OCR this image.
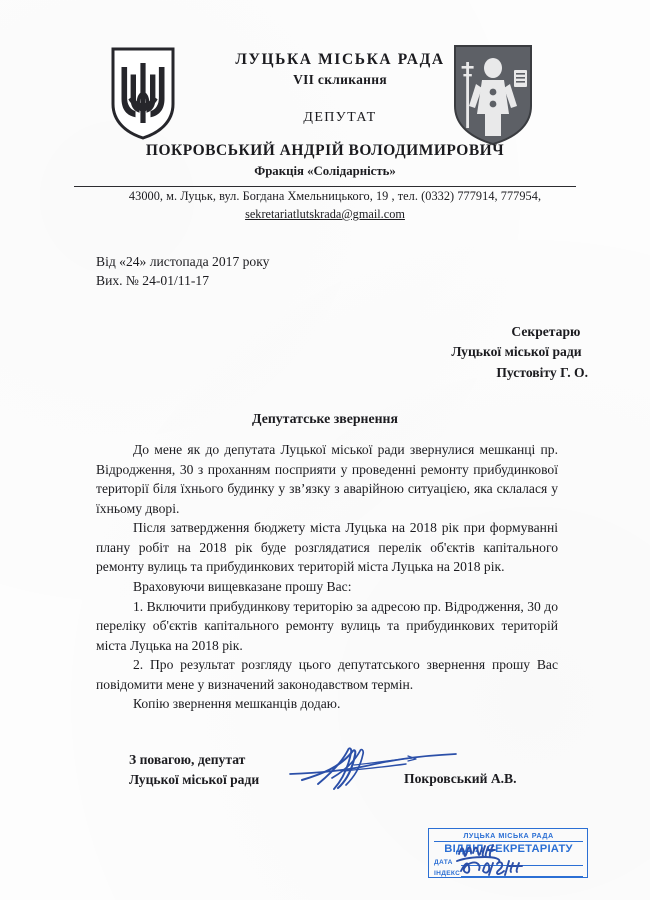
ЛУЦЬКА МІСЬКА РАДА
VII скликання
ДЕПУТАТ
ПОКРОВСЬКИЙ АНДРІЙ ВОЛОДИМИРОВИЧ
Фракція «Солідарність»
43000, м. Луцьк, вул. Богдана Хмельницького, 19 , тел. (0332) 777914, 777954,
sekretariatlutskrada@gmail.com
Від «24» листопада 2017 року
Вих. № 24-01/11-17
Секретарю
Луцької міської ради
Пустовіту Г. О.
Депутатське звернення

До мене як до депутата Луцької міської ради звернулися мешканці пр. Відродження, 30 з проханням посприяти у проведенні ремонту прибудинкової території біля їхнього будинку у зв’язку з аварійною ситуацією, яка склалася у їхньому дворі.

Після затвердження бюджету міста Луцька на 2018 рік при формуванні плану робіт на 2018 рік буде розглядатися перелік об'єктів капітального ремонту вулиць та прибудинкових територій міста Луцька на 2018 рік.

Враховуючи вищевказане прошу Вас:

1. Включити прибудинкову територію за адресою пр. Відродження, 30 до переліку об'єктів капітального ремонту вулиць та прибудинкових територій міста Луцька на 2018 рік.

2. Про результат розгляду цього депутатського звернення прошу Вас повідомити мене у визначений законодавством термін.

Копію звернення мешканців додаю.

З повагою, депутат
Луцької міської ради	Покровський А.В.
ЛУЦЬКА МІСЬКА РАДА
ВІДДІЛ СЕКРЕТАРІАТУ
ДАТА
ІНДЕКС
